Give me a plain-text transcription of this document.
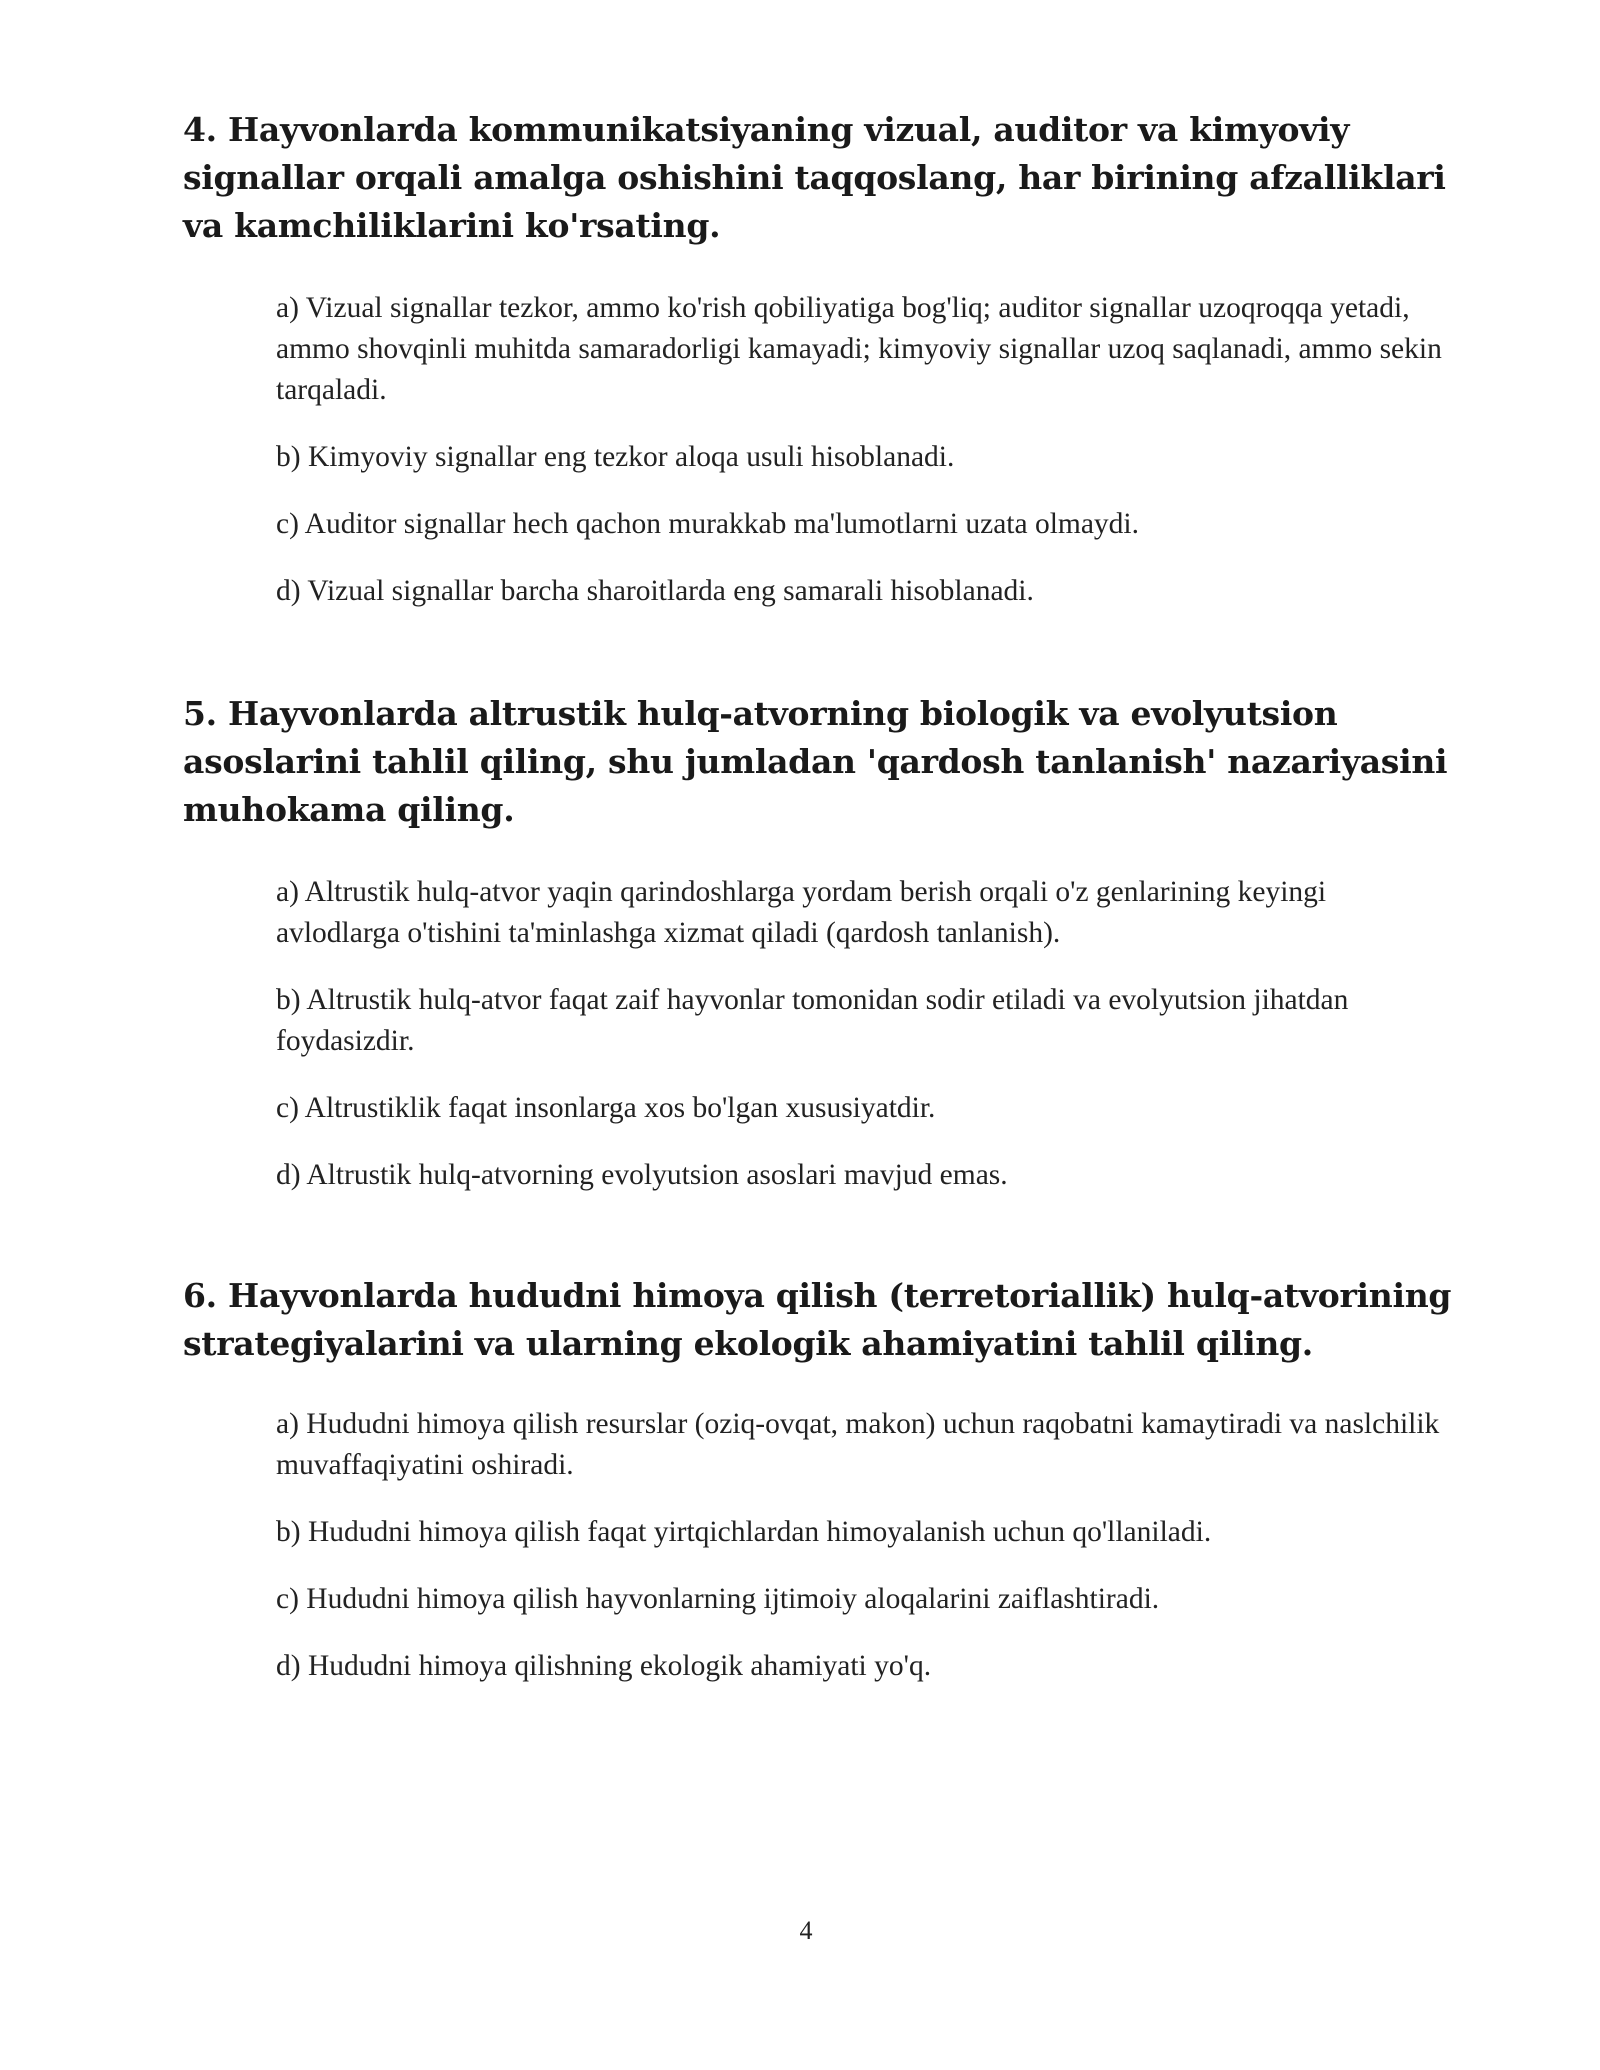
4. Hayvonlarda kommunikatsiyaning vizual, auditor va kimyoviy signallar orqali amalga oshishini taqqoslang, har birining afzalliklari va kamchiliklarini ko'rsating.
a) Vizual signallar tezkor, ammo ko'rish qobiliyatiga bog'liq; auditor signallar uzoqroqqa yetadi, ammo shovqinli muhitda samaradorligi kamayadi; kimyoviy signallar uzoq saqlanadi, ammo sekin tarqaladi.
b) Kimyoviy signallar eng tezkor aloqa usuli hisoblanadi.
c) Auditor signallar hech qachon murakkab ma'lumotlarni uzata olmaydi.
d) Vizual signallar barcha sharoitlarda eng samarali hisoblanadi.
5. Hayvonlarda altrustik hulq-atvorning biologik va evolyutsion asoslarini tahlil qiling, shu jumladan 'qardosh tanlanish' nazariyasini muhokama qiling.
a) Altrustik hulq-atvor yaqin qarindoshlarga yordam berish orqali o'z genlarining keyingi avlodlarga o'tishini ta'minlashga xizmat qiladi (qardosh tanlanish).
b) Altrustik hulq-atvor faqat zaif hayvonlar tomonidan sodir etiladi va evolyutsion jihatdan foydasizdir.
c) Altrustiklik faqat insonlarga xos bo'lgan xususiyatdir.
d) Altrustik hulq-atvorning evolyutsion asoslari mavjud emas.
6. Hayvonlarda hududni himoya qilish (terretoriallik) hulq-atvorining strategiyalarini va ularning ekologik ahamiyatini tahlil qiling.
a) Hududni himoya qilish resurslar (oziq-ovqat, makon) uchun raqobatni kamaytiradi va naslchilik muvaffaqiyatini oshiradi.
b) Hududni himoya qilish faqat yirtqichlardan himoyalanish uchun qo'llaniladi.
c) Hududni himoya qilish hayvonlarning ijtimoiy aloqalarini zaiflashtiradi.
d) Hududni himoya qilishning ekologik ahamiyati yo'q.
4
